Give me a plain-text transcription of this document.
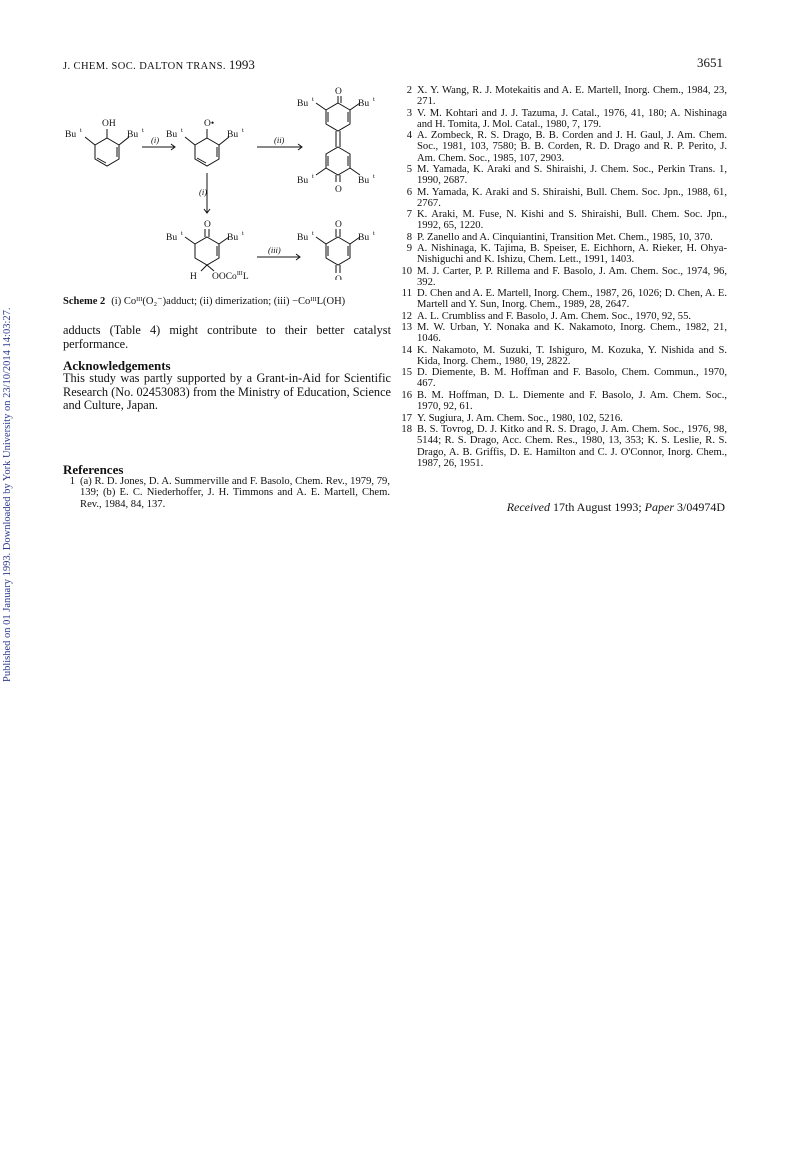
J. CHEM. SOC. DALTON TRANS. 1993	3651
Published on 01 January 1993. Downloaded by York University on 23/10/2014 14:03:27.
OH
Bu t	Bu t
(i)
O•
Bu t	Bu t
(ii)
(i)
O
Bu t	Bu t
Bu t	Bu t
O
O
Bu t	Bu t
H OOCo$^{III}$L
(iii)
O
Bu t	Bu t
O
Scheme 2 (i) Coᴵᴵᴵ(O₂⁻)adduct; (ii) dimerization; (iii) −CoᴵᴵᴵL(OH)
adducts (Table 4) might contribute to their better catalyst performance.
Acknowledgements
This study was partly supported by a Grant-in-Aid for Scientific Research (No. 02453083) from the Ministry of Education, Science and Culture, Japan.
References
1 (a) R. D. Jones, D. A. Summerville and F. Basolo, Chem. Rev., 1979, 79, 139; (b) E. C. Niederhoffer, J. H. Timmons and A. E. Martell, Chem. Rev., 1984, 84, 137.
2 X. Y. Wang, R. J. Motekaitis and A. E. Martell, Inorg. Chem., 1984, 23, 271.
3 V. M. Kohtari and J. J. Tazuma, J. Catal., 1976, 41, 180; A. Nishinaga and H. Tomita, J. Mol. Catal., 1980, 7, 179.
4 A. Zombeck, R. S. Drago, B. B. Corden and J. H. Gaul, J. Am. Chem. Soc., 1981, 103, 7580; B. B. Corden, R. D. Drago and R. P. Perito, J. Am. Chem. Soc., 1985, 107, 2903.
5 M. Yamada, K. Araki and S. Shiraishi, J. Chem. Soc., Perkin Trans. 1, 1990, 2687.
6 M. Yamada, K. Araki and S. Shiraishi, Bull. Chem. Soc. Jpn., 1988, 61, 2767.
7 K. Araki, M. Fuse, N. Kishi and S. Shiraishi, Bull. Chem. Soc. Jpn., 1992, 65, 1220.
8 P. Zanello and A. Cinquiantini, Transition Met. Chem., 1985, 10, 370.
9 A. Nishinaga, K. Tajima, B. Speiser, E. Eichhorn, A. Rieker, H. Ohya-Nishiguchi and K. Ishizu, Chem. Lett., 1991, 1403.
10 M. J. Carter, P. P. Rillema and F. Basolo, J. Am. Chem. Soc., 1974, 96, 392.
11 D. Chen and A. E. Martell, Inorg. Chem., 1987, 26, 1026; D. Chen, A. E. Martell and Y. Sun, Inorg. Chem., 1989, 28, 2647.
12 A. L. Crumbliss and F. Basolo, J. Am. Chem. Soc., 1970, 92, 55.
13 M. W. Urban, Y. Nonaka and K. Nakamoto, Inorg. Chem., 1982, 21, 1046.
14 K. Nakamoto, M. Suzuki, T. Ishiguro, M. Kozuka, Y. Nishida and S. Kida, Inorg. Chem., 1980, 19, 2822.
15 D. Diemente, B. M. Hoffman and F. Basolo, Chem. Commun., 1970, 467.
16 B. M. Hoffman, D. L. Diemente and F. Basolo, J. Am. Chem. Soc., 1970, 92, 61.
17 Y. Sugiura, J. Am. Chem. Soc., 1980, 102, 5216.
18 B. S. Tovrog, D. J. Kitko and R. S. Drago, J. Am. Chem. Soc., 1976, 98, 5144; R. S. Drago, Acc. Chem. Res., 1980, 13, 353; K. S. Leslie, R. S. Drago, A. B. Griffis, D. E. Hamilton and C. J. O'Connor, Inorg. Chem., 1987, 26, 1951.
Received 17th August 1993; Paper 3/04974D
